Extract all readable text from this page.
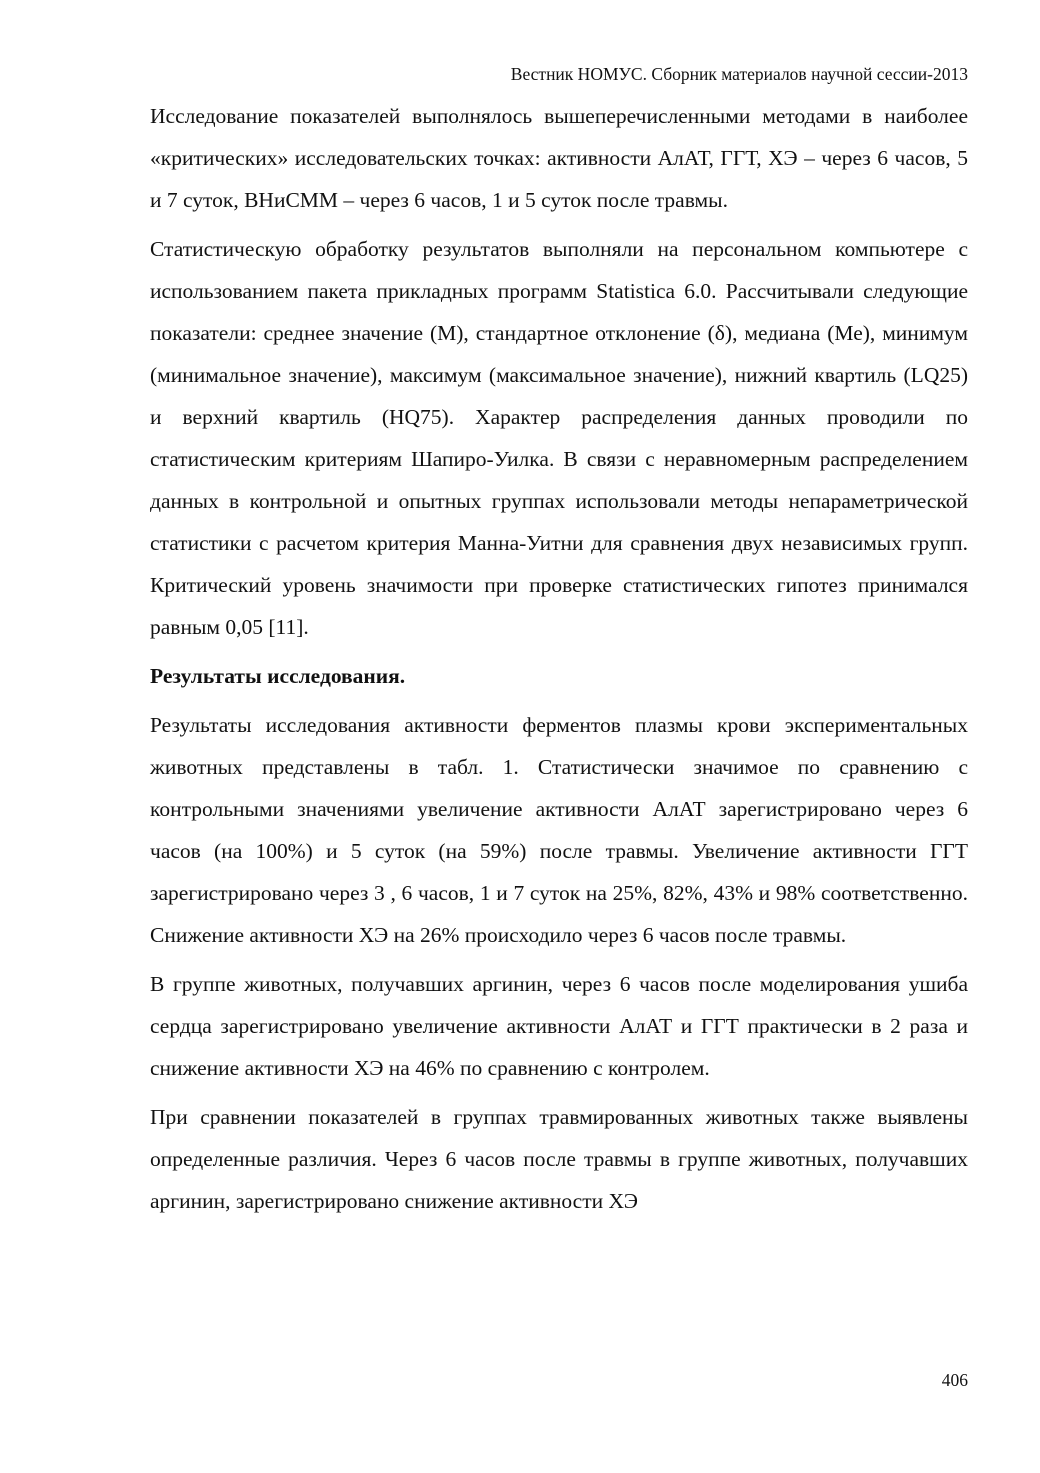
Вестник НОМУС. Сборник материалов научной сессии-2013

Исследование показателей выполнялось вышеперечисленными методами в наиболее «критических» исследовательских точках: активности АлАТ, ГГТ, ХЭ – через 6 часов, 5 и 7 суток, ВНиСММ – через 6 часов, 1 и 5 суток после травмы.

Статистическую обработку результатов выполняли на персональном компьютере с использованием пакета прикладных программ Statistica 6.0. Рассчитывали следующие показатели: среднее значение (М), стандартное отклонение (δ), медиана (Ме), минимум (минимальное значение), максимум (максимальное значение), нижний квартиль (LQ25) и верхний квартиль (HQ75). Характер распределения данных проводили по статистическим критериям Шапиро-Уилка. В связи с неравномерным распределением данных в контрольной и опытных группах использовали методы непараметрической статистики с расчетом критерия Манна-Уитни для сравнения двух независимых групп. Критический уровень значимости при проверке статистических гипотез принимался равным 0,05 [11].

Результаты исследования.

Результаты исследования активности ферментов плазмы крови экспериментальных животных представлены в табл. 1. Статистически значимое по сравнению с контрольными значениями увеличение активности АлАТ зарегистрировано через 6 часов (на 100%) и 5 суток (на 59%) после травмы. Увеличение активности ГГТ зарегистрировано через 3 , 6 часов, 1 и 7 суток на 25%, 82%, 43% и 98% соответственно. Снижение активности ХЭ на 26% происходило через 6 часов после травмы.

В группе животных, получавших аргинин, через 6 часов после моделирования ушиба сердца зарегистрировано увеличение активности АлАТ и ГГТ практически в 2 раза и снижение активности ХЭ на 46% по сравнению с контролем.

При сравнении показателей в группах травмированных животных также выявлены определенные различия. Через 6 часов после травмы в группе животных, получавших аргинин, зарегистрировано снижение активности ХЭ

406
